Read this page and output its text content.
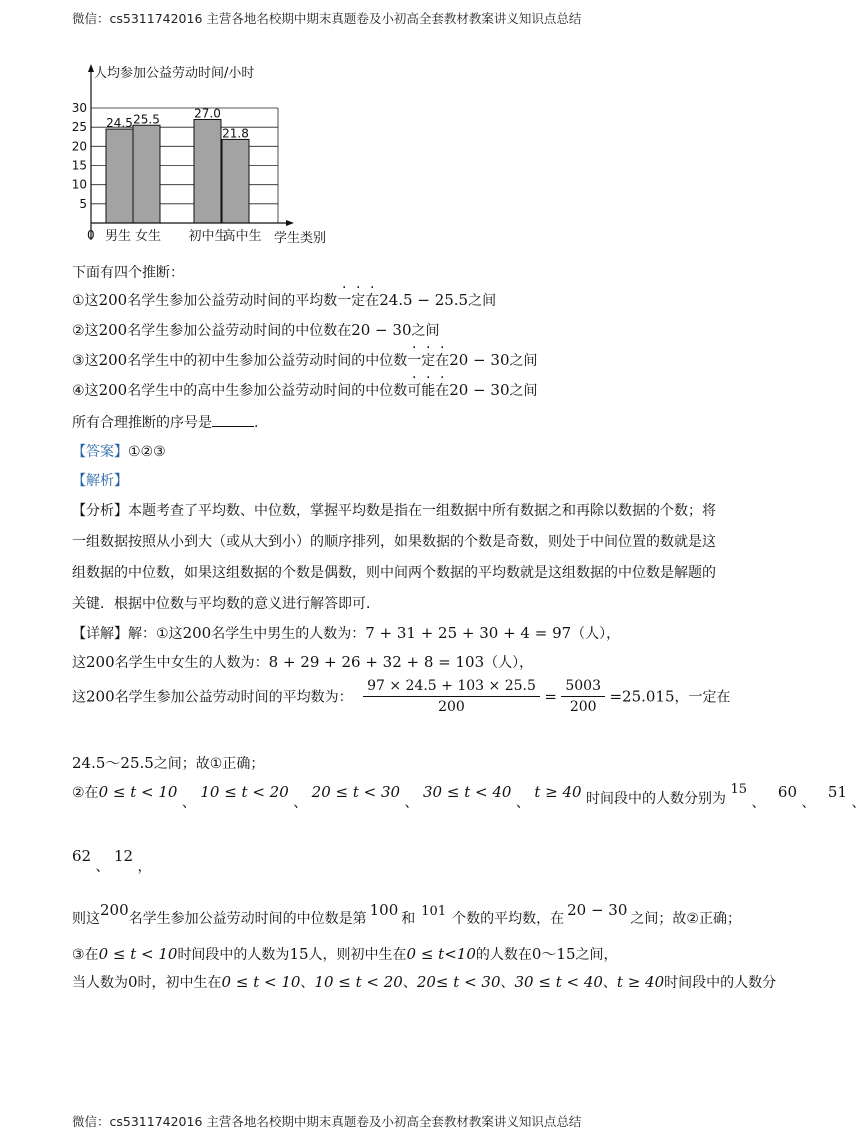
微信：cs5311742016 主营各地名校期中期末真题卷及小初高全套教材教案讲义知识点总结
5
10
15
20
25
30
男生 女生 初中生
高中生
24.5 25.5	27.0
21.8
人均参加公益劳动时间/小时
0	学生类别
下面有四个推断：
①这200名学生参加公益劳动时间的平均数一定在24.5 − 25.5之间
②这200名学生参加公益劳动时间的中位数在20 − 30之间
③这200名学生中的初中生参加公益劳动时间的中位数一定在20 − 30之间
④这200名学生中的高中生参加公益劳动时间的中位数可能在20 − 30之间
所有合理推断的序号是	.
【答案】①②③
【解析】
【分析】本题考查了平均数、中位数，掌握平均数是指在一组数据中所有数据之和再除以数据的个数；将
一组数据按照从小到大（或从大到小）的顺序排列，如果数据的个数是奇数，则处于中间位置的数就是这
组数据的中位数，如果这组数据的个数是偶数，则中间两个数据的平均数就是这组数据的中位数是解题的
关键．根据中位数与平均数的意义进行解答即可．
【详解】解：①这200名学生中男生的人数为：7 + 31 + 25 + 30 + 4 = 97（人），
这200名学生中女生的人数为：8 + 29 + 26 + 32 + 8 = 103（人），
这200名学生参加公益劳动时间的平均数为： $\frac{97 \times 24.5 + 103 \times 25.5}{200} = \frac{5003}{200} =25.015$，一定在
24.5～25.5之间；故①正确；
②在0 ≤ t < 10 、 10 ≤ t < 20 、 20 ≤ t < 30 、 30 ≤ t < 40 、 t ≥ 40 时间段中的人数分别为 15 、 60 、 51 、
62 、 12 ，
则这200名学生参加公益劳动时间的中位数是第 100 和 101 个数的平均数，在 20 − 30 之间；故②正确；
③在0 ≤ t < 10时间段中的人数为15人，则初中生在0 ≤ t<10的人数在0～15之间，
当人数为0时，初中生在0 ≤ t < 10、10 ≤ t < 20、20≤ t < 30、30 ≤ t < 40、t ≥ 40时间段中的人数分
微信：cs5311742016 主营各地名校期中期末真题卷及小初高全套教材教案讲义知识点总结
